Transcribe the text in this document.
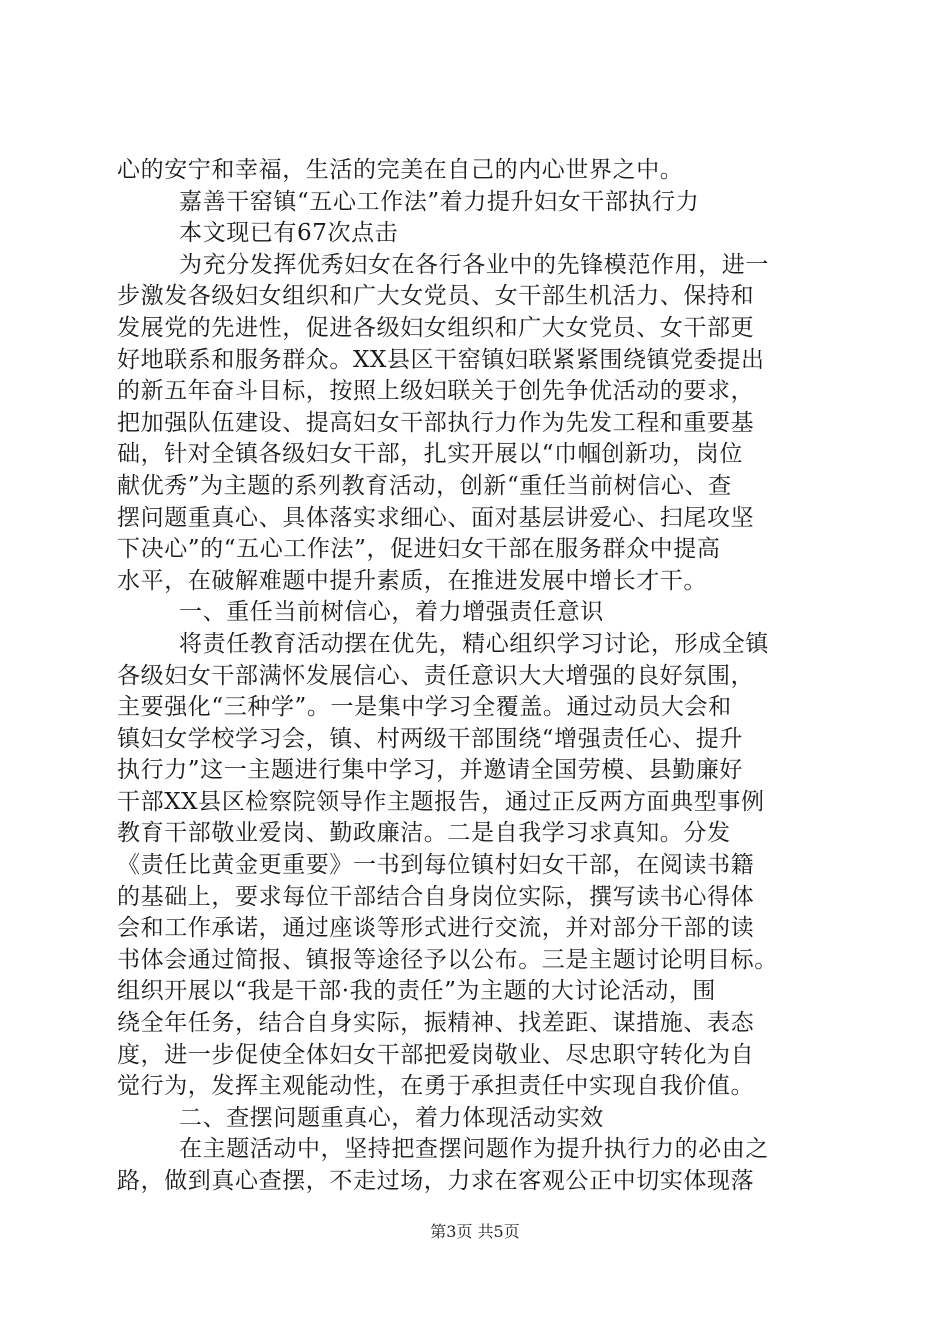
心的安宁和幸福，生活的完美在自己的内心世界之中。
嘉善干窑镇“五心工作法”着力提升妇女干部执行力
本文现已有67次点击
为充分发挥优秀妇女在各行各业中的先锋模范作用，进一
步激发各级妇女组织和广大女党员、女干部生机活力、保持和
发展党的先进性，促进各级妇女组织和广大女党员、女干部更
好地联系和服务群众。XX县区干窑镇妇联紧紧围绕镇党委提出
的新五年奋斗目标，按照上级妇联关于创先争优活动的要求，
把加强队伍建设、提高妇女干部执行力作为先发工程和重要基
础，针对全镇各级妇女干部，扎实开展以“巾帼创新功，岗位
献优秀”为主题的系列教育活动，创新“重任当前树信心、查
摆问题重真心、具体落实求细心、面对基层讲爱心、扫尾攻坚
下决心”的“五心工作法”，促进妇女干部在服务群众中提高
水平，在破解难题中提升素质，在推进发展中增长才干。
一、重任当前树信心，着力增强责任意识
将责任教育活动摆在优先，精心组织学习讨论，形成全镇
各级妇女干部满怀发展信心、责任意识大大增强的良好氛围，
主要强化“三种学”。一是集中学习全覆盖。通过动员大会和
镇妇女学校学习会，镇、村两级干部围绕“增强责任心、提升
执行力”这一主题进行集中学习，并邀请全国劳模、县勤廉好
干部XX县区检察院领导作主题报告，通过正反两方面典型事例
教育干部敬业爱岗、勤政廉洁。二是自我学习求真知。分发
《责任比黄金更重要》一书到每位镇村妇女干部，在阅读书籍
的基础上，要求每位干部结合自身岗位实际，撰写读书心得体
会和工作承诺，通过座谈等形式进行交流，并对部分干部的读
书体会通过简报、镇报等途径予以公布。三是主题讨论明目标。
组织开展以“我是干部·我的责任”为主题的大讨论活动，围
绕全年任务，结合自身实际，振精神、找差距、谋措施、表态
度，进一步促使全体妇女干部把爱岗敬业、尽忠职守转化为自
觉行为，发挥主观能动性，在勇于承担责任中实现自我价值。
二、查摆问题重真心，着力体现活动实效
在主题活动中，坚持把查摆问题作为提升执行力的必由之
路，做到真心查摆，不走过场，力求在客观公正中切实体现落
第3页 共5页
